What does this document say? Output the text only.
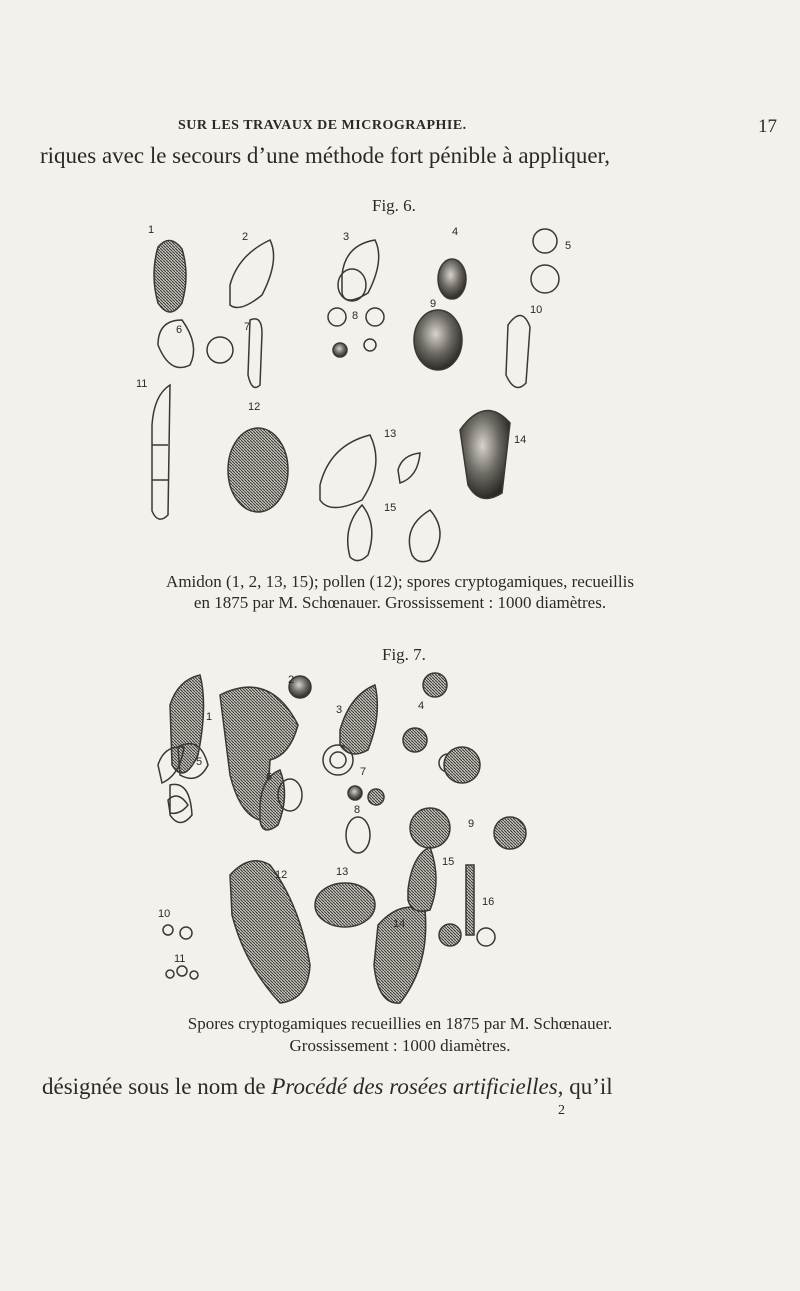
SUR LES TRAVAUX DE MICROGRAPHIE.	17
riques avec le secours d’une méthode fort pénible à appliquer,
Fig. 6.
1
2	3	4
5
6	7
8
9	10
11
12
13	14
15
Amidon (1, 2, 13, 15); pollen (12); spores cryptogamiques, recueillis
en 1875 par M. Schœnauer. Grossissement : 1000 diamètres.
Fig. 7.
1
2
3	4
5
6	7
8
9
10
11
12	13
14
15
16
Spores cryptogamiques recueillies en 1875 par M. Schœnauer.
Grossissement : 1000 diamètres.
désignée sous le nom de Procédé des rosées artificielles, qu’il
2
